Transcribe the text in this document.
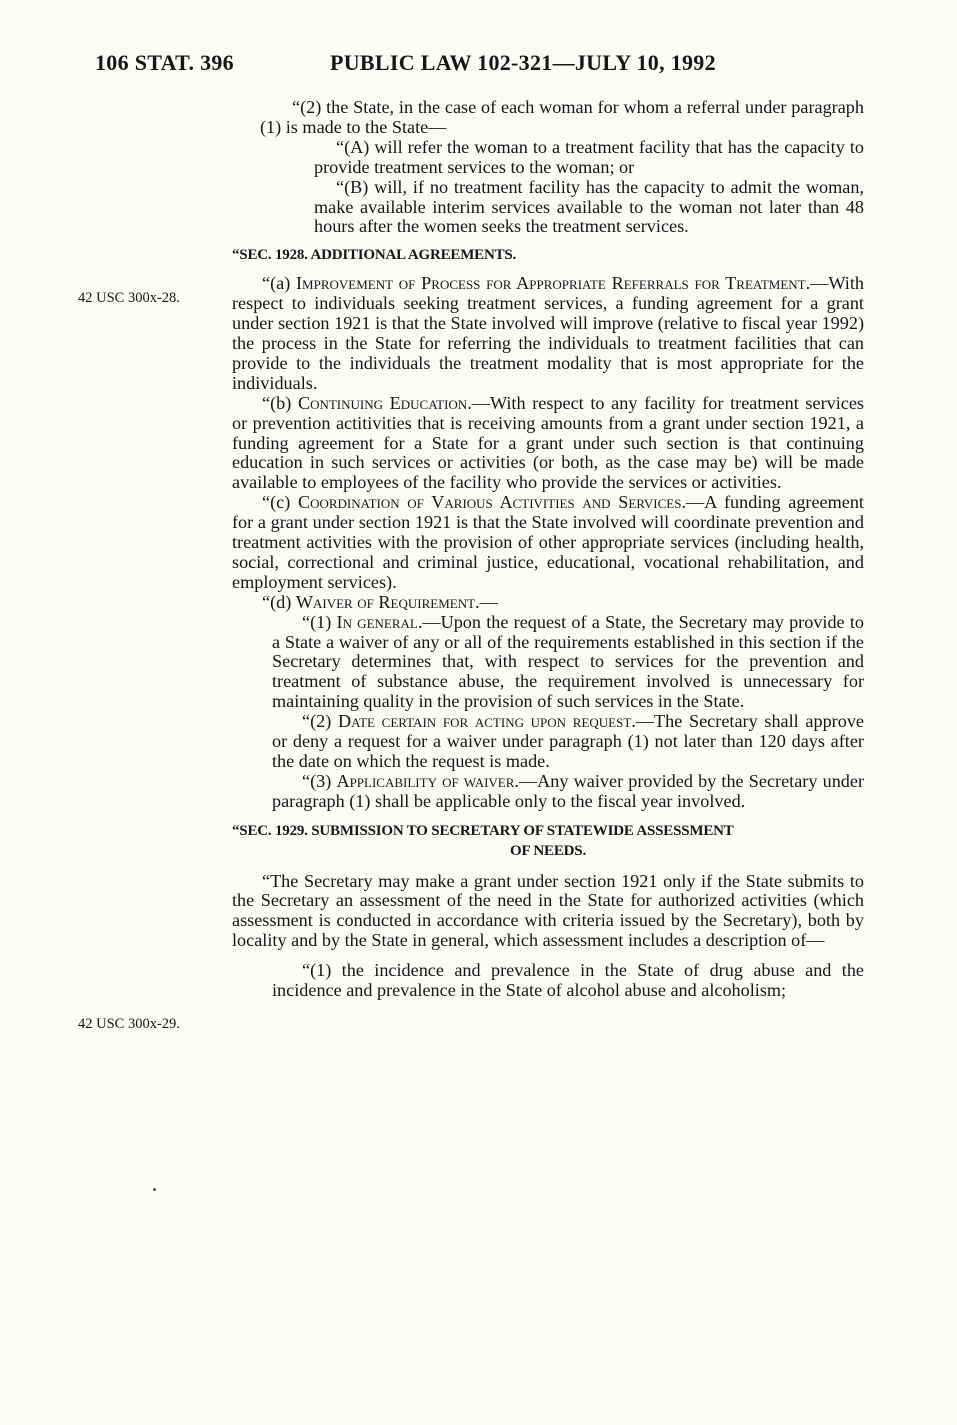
106 STAT. 396	PUBLIC LAW 102-321—JULY 10, 1992
42 USC 300x-28.
42 USC 300x-29.

“(2) the State, in the case of each woman for whom a referral under paragraph (1) is made to the State—

“(A) will refer the woman to a treatment facility that has the capacity to provide treatment services to the woman; or

“(B) will, if no treatment facility has the capacity to admit the woman, make available interim services available to the woman not later than 48 hours after the women seeks the treatment services.

“SEC. 1928. ADDITIONAL AGREEMENTS.

“(a) Improvement of Process for Appropriate Referrals for Treatment.—With respect to individuals seeking treatment services, a funding agreement for a grant under section 1921 is that the State involved will improve (relative to fiscal year 1992) the process in the State for referring the individuals to treatment facilities that can provide to the individuals the treatment modality that is most appropriate for the individuals.

“(b) Continuing Education.—With respect to any facility for treatment services or prevention actitivities that is receiving amounts from a grant under section 1921, a funding agreement for a State for a grant under such section is that continuing education in such services or activities (or both, as the case may be) will be made available to employees of the facility who provide the services or activities.

“(c) Coordination of Various Activities and Services.—A funding agreement for a grant under section 1921 is that the State involved will coordinate prevention and treatment activities with the provision of other appropriate services (including health, social, correctional and criminal justice, educational, vocational rehabilitation, and employment services).

“(d) Waiver of Requirement.—

“(1) In general.—Upon the request of a State, the Secretary may provide to a State a waiver of any or all of the requirements established in this section if the Secretary determines that, with respect to services for the prevention and treatment of substance abuse, the requirement involved is unnecessary for maintaining quality in the provision of such services in the State.

“(2) Date certain for acting upon request.—The Secretary shall approve or deny a request for a waiver under paragraph (1) not later than 120 days after the date on which the request is made.

“(3) Applicability of waiver.—Any waiver provided by the Secretary under paragraph (1) shall be applicable only to the fiscal year involved.

“SEC. 1929. SUBMISSION TO SECRETARY OF STATEWIDE ASSESSMENT
OF NEEDS.

“The Secretary may make a grant under section 1921 only if the State submits to the Secretary an assessment of the need in the State for authorized activities (which assessment is conducted in accordance with criteria issued by the Secretary), both by locality and by the State in general, which assessment includes a description of—

“(1) the incidence and prevalence in the State of drug abuse and the incidence and prevalence in the State of alcohol abuse and alcoholism;
